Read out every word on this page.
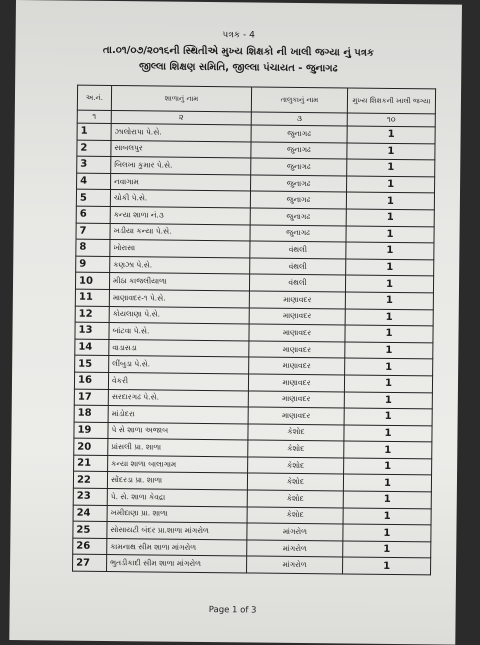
પત્રક - 4
તા.૦૧/૦૭/૨૦૧૬ની સ્થિતીએ મુખ્ય શિક્ષકો ની ખાલી જગ્યા નું પત્રક
જીલ્લા શિક્ષણ સમિતિ, જીલ્લા પંચાયત - જુનાગઢ
અ.નં.	શાળાનું નામ	તાલુકાનું નામ	મુખ્ય શિક્ષકની ખાલી જગ્યા
૧	૨	૩	૧૦
1	ઝાલોરાપા પે.સે.	જુનાગઢ	1
2	સાબલપુર	જુનાગઢ	1
3	બિલખા કુમાર પે.સે.	જુનાગઢ	1
4	નવાગામ	જુનાગઢ	1
5	ચોકી પે.સે.	જુનાગઢ	1
6	કન્યા શાળા નં.૩	જુનાગઢ	1
7	ખડીયા કન્યા પે.સે.	જુનાગઢ	1
8	ખોરાસા	વંથલી	1
9	કણઝા પે.સે.	વંથલી	1
10	મીઠા કાજલીયાળા	વંથલી	1
11	માણાવદર-૧ પે.સે.	માણાવદર	1
12	કોયલાણા પે.સે.	માણાવદર	1
13	બાંટવા પે.સે.	માણાવદર	1
14	વાડાસડા	માણાવદર	1
15	લીંબુડા પે.સે.	માણાવદર	1
16	વેકરી	માણાવદર	1
17	સરદારગઢ પે.સે.	માણાવદર	1
18	માંડોદરા	માણાવદર	1
19	પે સે શાળા અજાબ	કેશોદ	1
20	પ્રાંસલી પ્રા. શાળા	કેશોદ	1
21	કન્યા શાળા બાલાગામ	કેશોદ	1
22	સોંદરડા પ્રા. શાળા	કેશોદ	1
23	પે. સે. શાળા કેવદ્રા	કેશોદ	1
24	ખમીદાણા પ્રા. શાળા	કેશોદ	1
25	સોસાયટી બંદર પ્રા.શાળા માંગરોળ	માંગરોળ	1
26	કામનાથ સીમ શાળા માંગરોળ	માંગરોળ	1
27	ભુતડીકાદી સીમ શાળા માંગરોળ	માંગરોળ	1
Page 1 of 3
